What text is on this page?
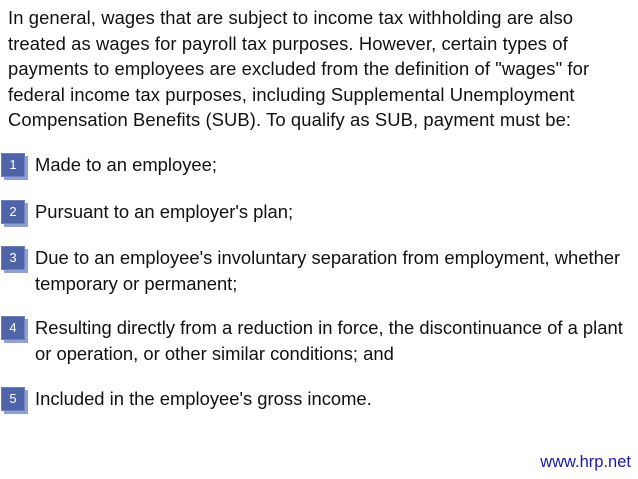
In general, wages that are subject to income tax withholding are also treated as wages for payroll tax purposes. However, certain types of payments to employees are excluded from the definition of "wages" for federal income tax purposes, including Supplemental Unemployment Compensation Benefits (SUB). To qualify as SUB, payment must be:

1 Made to an employee;

2 Pursuant to an employer's plan;

3 Due to an employee's involuntary separation from employment, whether temporary or permanent;

4 Resulting directly from a reduction in force, the discontinuance of a plant or operation, or other similar conditions; and

5 Included in the employee's gross income.

www.hrp.net
